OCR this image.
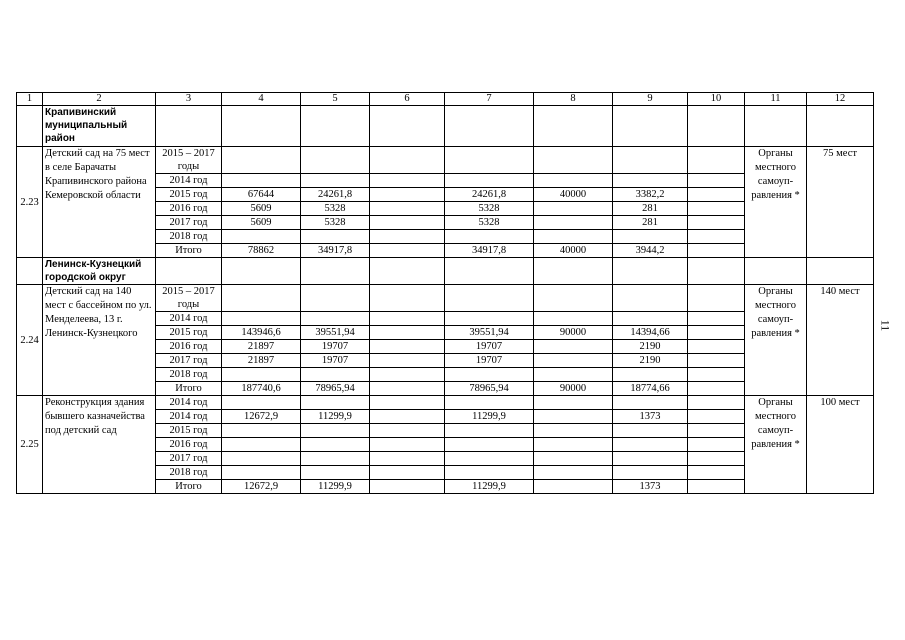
1	2	3	4	5	6	7	8	9	10	11	12
	Крапивинский муниципальный район										
2.23	Детский сад на 75 мест в селе Барачаты Крапивинского района Кемеровской области	2015 – 2017 годы								Органы местного самоуп-равления *	75 мест
		2014 год									
		2015 год	67644	24261,8		24261,8	40000	3382,2			
		2016 год	5609	5328		5328		281			
		2017 год	5609	5328		5328		281			
		2018 год									
		Итого	78862	34917,8		34917,8	40000	3944,2			
	Ленинск-Кузнецкий городской округ										
2.24	Детский сад на 140 мест с бассейном по ул. Менделеева, 13 г. Ленинск-Кузнецкого	2015 – 2017 годы								Органы местного самоуп-равления *	140 мест
		2014 год									
		2015 год	143946,6	39551,94		39551,94	90000	14394,66			
		2016 год	21897	19707		19707		2190			
		2017 год	21897	19707		19707		2190			
		2018 год									
		Итого	187740,6	78965,94		78965,94	90000	18774,66			
2.25	Реконструкция здания бывшего казначейства под детский сад	2014 год								Органы местного самоуп-равления *	100 мест
		2014 год	12672,9	11299,9		11299,9		1373			
		2015 год									
		2016 год									
		2017 год									
		2018 год									
		Итого	12672,9	11299,9		11299,9		1373			
11
